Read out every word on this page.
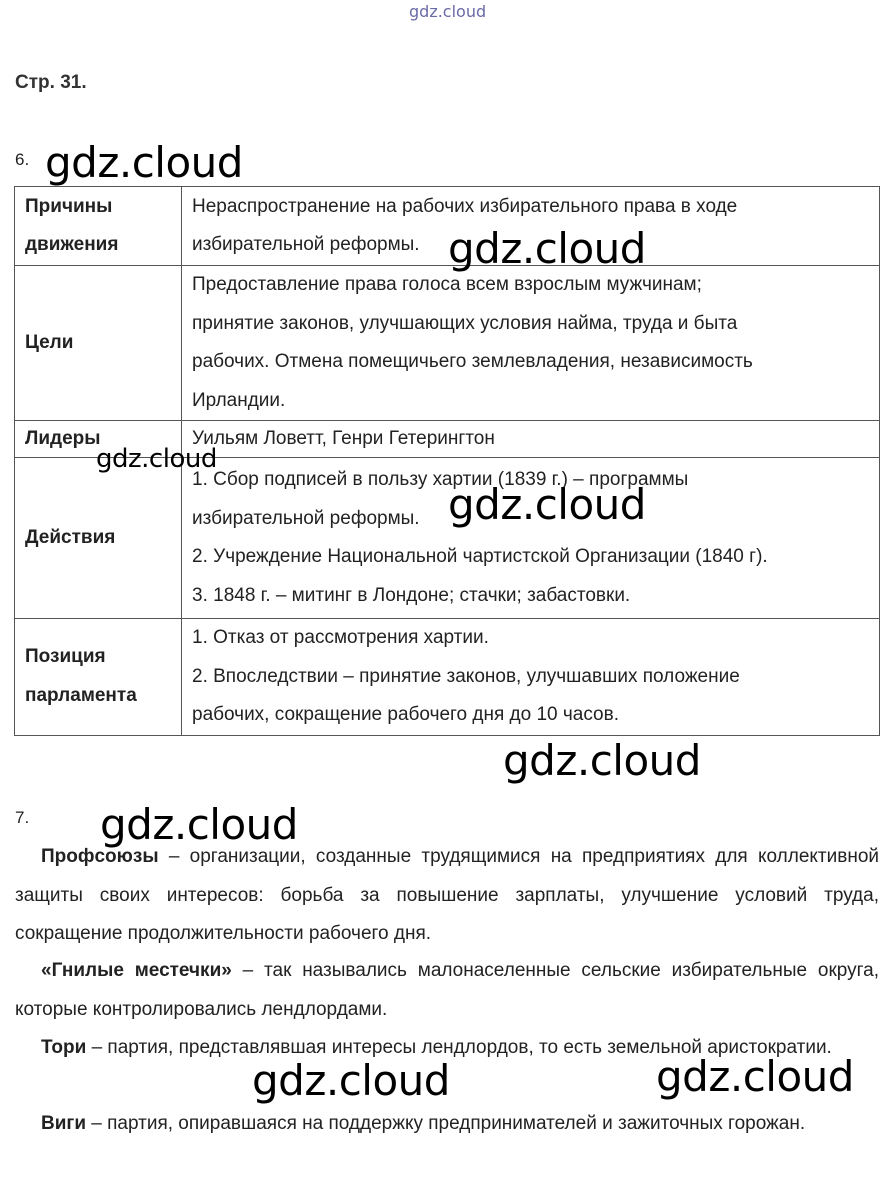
gdz.cloud
Стр. 31.
6.
Причины
движения	Нераспространение на рабочих избирательного права в ходе
избирательной реформы.

Цели	Предоставление права голоса всем взрослым мужчинам;
принятие законов, улучшающих условия найма, труда и быта
рабочих. Отмена помещичьего землевладения, независимость
Ирландии.

Лидеры	Уильям Ловетт, Генри Гетерингтон

Действия	1. Сбор подписей в пользу хартии (1839 г.) – программы
избирательной реформы.
2. Учреждение Национальной чартистской Организации (1840 г).
3. 1848 г. – митинг в Лондоне; стачки; забастовки.

Позиция
парламента	1. Отказ от рассмотрения хартии.
2. Впоследствии – принятие законов, улучшавших положение
рабочих, сокращение рабочего дня до 10 часов.
7.
Профсоюзы – организации, созданные трудящимися на предприятиях для коллективной защиты своих интересов: борьба за повышение зарплаты, улучшение условий труда, сокращение продолжительности рабочего дня.
«Гнилые местечки» – так назывались малонаселенные сельские избирательные округа, которые контролировались лендлордами.
Тори – партия, представлявшая интересы лендлордов, то есть земельной аристократии.
Виги – партия, опиравшаяся на поддержку предпринимателей и зажиточных горожан.
gdz.cloud
gdz.cloud
gdz.cloud
gdz.cloud
gdz.cloud
gdz.cloud
gdz.cloud	gdz.cloud
